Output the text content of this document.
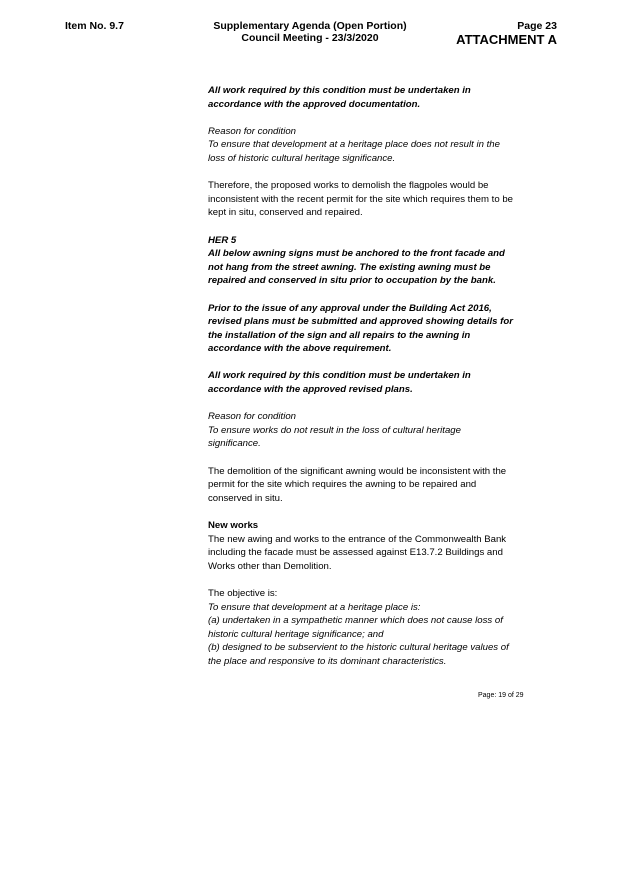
Item No. 9.7	Supplementary Agenda (Open Portion)
Council Meeting - 23/3/2020
Page 23
ATTACHMENT A

All work required by this condition must be undertaken in
accordance with the approved documentation.

Reason for condition
To ensure that development at a heritage place does not result in the
loss of historic cultural heritage significance.

Therefore, the proposed works to demolish the flagpoles would be
inconsistent with the recent permit for the site which requires them to be
kept in situ, conserved and repaired.

HER 5
All below awning signs must be anchored to the front facade and
not hang from the street awning. The existing awning must be
repaired and conserved in situ prior to occupation by the bank.

Prior to the issue of any approval under the Building Act 2016,
revised plans must be submitted and approved showing details for
the installation of the sign and all repairs to the awning in
accordance with the above requirement.

All work required by this condition must be undertaken in
accordance with the approved revised plans.

Reason for condition
To ensure works do not result in the loss of cultural heritage
significance.

The demolition of the significant awning would be inconsistent with the
permit for the site which requires the awning to be repaired and
conserved in situ.

New works
The new awing and works to the entrance of the Commonwealth Bank
including the facade must be assessed against E13.7.2 Buildings and
Works other than Demolition.

The objective is:
To ensure that development at a heritage place is:
(a) undertaken in a sympathetic manner which does not cause loss of
historic cultural heritage significance; and
(b) designed to be subservient to the historic cultural heritage values of
the place and responsive to its dominant characteristics.

Page: 19 of 29
